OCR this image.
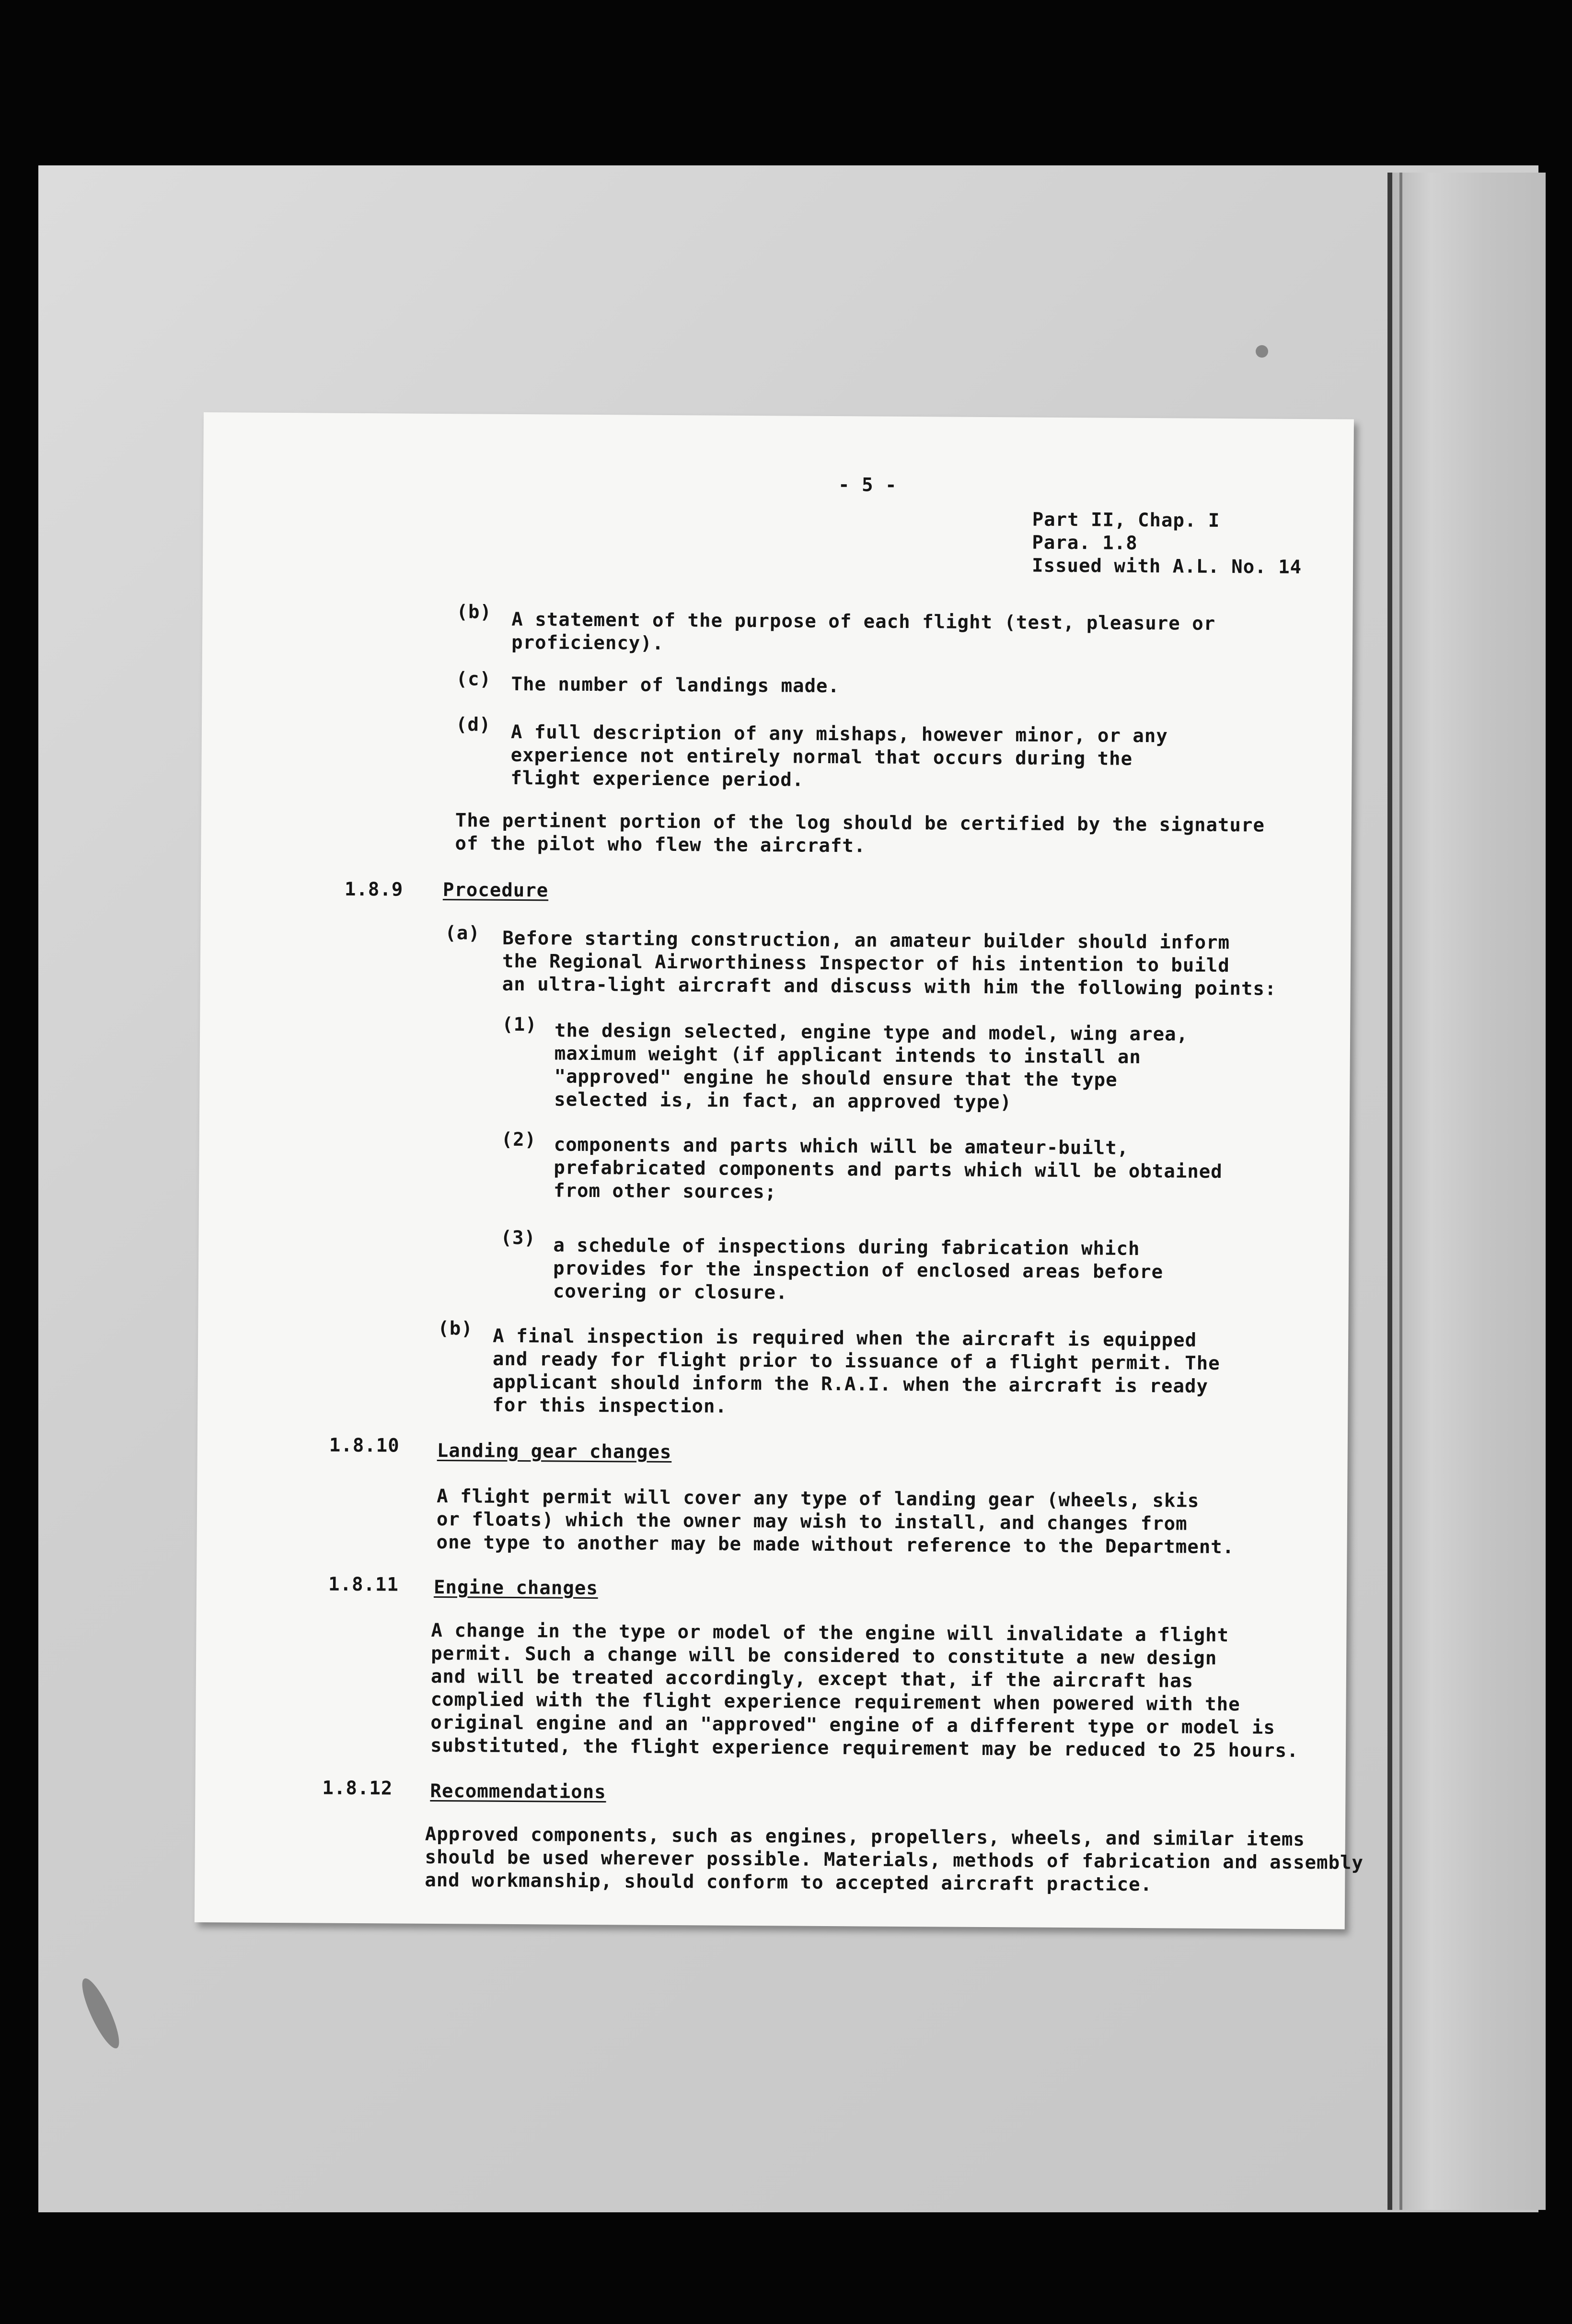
- 5 -
Part II, Chap. I
Para. 1.8
Issued with A.L. No. 14
(b) A statement of the purpose of each flight (test, pleasure or
proficiency).
(c) The number of landings made.
(d) A full description of any mishaps, however minor, or any
experience not entirely normal that occurs during the
flight experience period.
The pertinent portion of the log should be certified by the signature
of the pilot who flew the aircraft.
1.8.9 Procedure
(a) Before starting construction, an amateur builder should inform
the Regional Airworthiness Inspector of his intention to build
an ultra-light aircraft and discuss with him the following points:
(1) the design selected, engine type and model, wing area,
maximum weight (if applicant intends to install an
"approved" engine he should ensure that the type
selected is, in fact, an approved type)
(2) components and parts which will be amateur-built,
prefabricated components and parts which will be obtained
from other sources;
(3) a schedule of inspections during fabrication which
provides for the inspection of enclosed areas before
covering or closure.
(b) A final inspection is required when the aircraft is equipped
and ready for flight prior to issuance of a flight permit. The
applicant should inform the R.A.I. when the aircraft is ready
for this inspection.
1.8.10 Landing gear changes
A flight permit will cover any type of landing gear (wheels, skis
or floats) which the owner may wish to install, and changes from
one type to another may be made without reference to the Department.
1.8.11 Engine changes
A change in the type or model of the engine will invalidate a flight
permit. Such a change will be considered to constitute a new design
and will be treated accordingly, except that, if the aircraft has
complied with the flight experience requirement when powered with the
original engine and an "approved" engine of a different type or model is
substituted, the flight experience requirement may be reduced to 25 hours.
1.8.12 Recommendations
Approved components, such as engines, propellers, wheels, and similar items
should be used wherever possible. Materials, methods of fabrication and assembly
and workmanship, should conform to accepted aircraft practice.
